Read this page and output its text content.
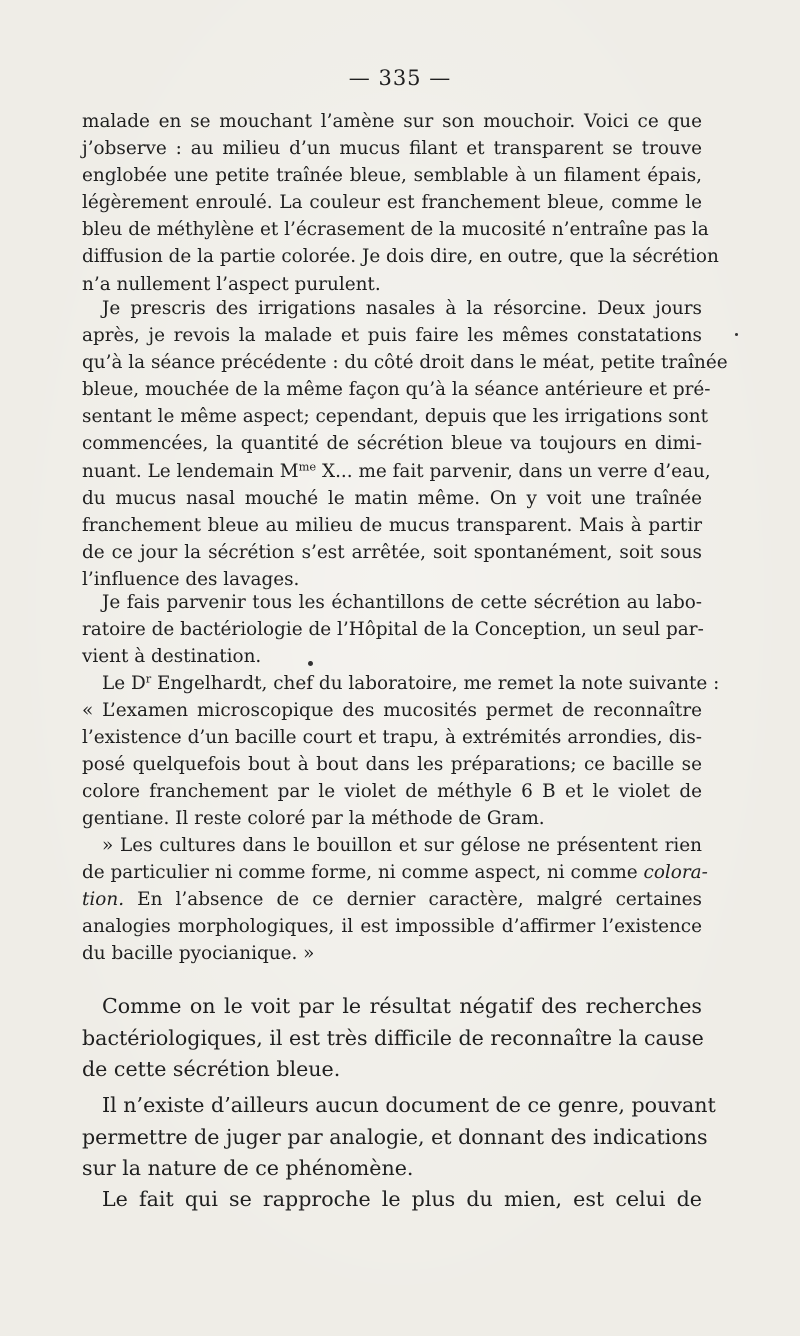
— 335 —
malade en se mouchant l’amène sur son mouchoir. Voici ce que
j’observe : au milieu d’un mucus filant et transparent se trouve
englobée une petite traînée bleue, semblable à un filament épais,
légèrement enroulé. La couleur est franchement bleue, comme le
bleu de méthylène et l’écrasement de la mucosité n’entraîne pas la
diffusion de la partie colorée. Je dois dire, en outre, que la sécrétion
n’a nullement l’aspect purulent.
Je prescris des irrigations nasales à la résorcine. Deux jours
après, je revois la malade et puis faire les mêmes constatations
qu’à la séance précédente : du côté droit dans le méat, petite traînée
bleue, mouchée de la même façon qu’à la séance antérieure et pré-
sentant le même aspect; cependant, depuis que les irrigations sont
commencées, la quantité de sécrétion bleue va toujours en dimi-
nuant. Le lendemain $M^{me}$ X... me fait parvenir, dans un verre d’eau,
du mucus nasal mouché le matin même. On y voit une traînée
franchement bleue au milieu de mucus transparent. Mais à partir
de ce jour la sécrétion s’est arrêtée, soit spontanément, soit sous
l’influence des lavages.
Je fais parvenir tous les échantillons de cette sécrétion au labo-
ratoire de bactériologie de l’Hôpital de la Conception, un seul par-
vient à destination.
Le $D^r$ Engelhardt, chef du laboratoire, me remet la note suivante :
« L’examen microscopique des mucosités permet de reconnaître
l’existence d’un bacille court et trapu, à extrémités arrondies, dis-
posé quelquefois bout à bout dans les préparations; ce bacille se
colore franchement par le violet de méthyle 6 B et le violet de
gentiane. Il reste coloré par la méthode de Gram.
» Les cultures dans le bouillon et sur gélose ne présentent rien
de particulier ni comme forme, ni comme aspect, ni comme colora-
tion. En l’absence de ce dernier caractère, malgré certaines
analogies morphologiques, il est impossible d’affirmer l’existence
du bacille pyocianique. »
Comme on le voit par le résultat négatif des recherches
bactériologiques, il est très difficile de reconnaître la cause
de cette sécrétion bleue.
Il n’existe d’ailleurs aucun document de ce genre, pouvant
permettre de juger par analogie, et donnant des indications
sur la nature de ce phénomène.
Le fait qui se rapproche le plus du mien, est celui de
